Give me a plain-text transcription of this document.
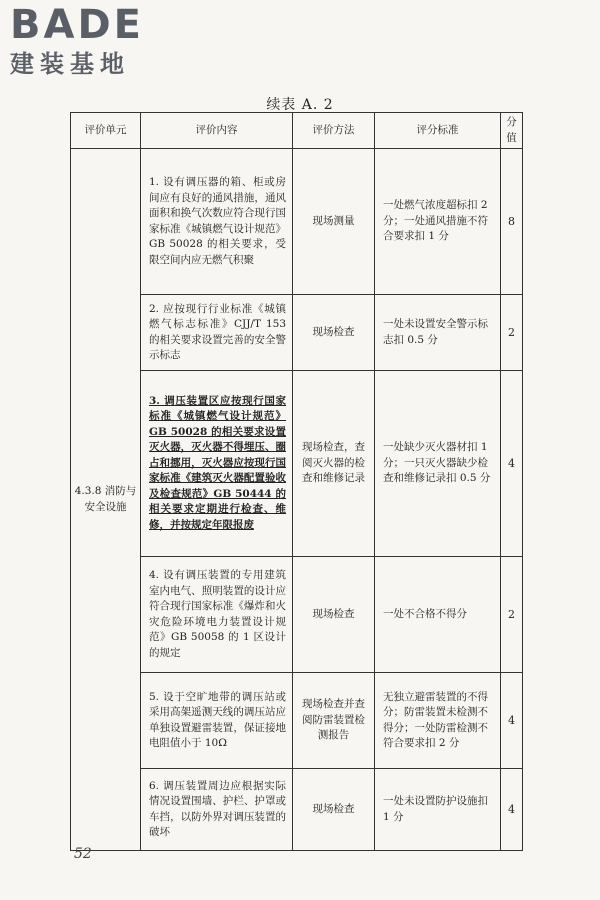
BADE
建装基地
续表 A. 2
评价单元	评价内容	评价方法	评分标准	分值
4.3.8 消防与安全设施	1. 设有调压器的箱、柜或房间应有良好的通风措施，通风面积和换气次数应符合现行国家标准《城镇燃气设计规范》GB 50028 的相关要求，受限空间内应无燃气积聚	现场测量	一处燃气浓度超标扣 2 分；一处通风措施不符合要求扣 1 分	8
	2. 应按现行行业标准《城镇燃气标志标准》CJJ/T 153 的相关要求设置完善的安全警示标志	现场检查	一处未设置安全警示标志扣 0.5 分	2
	3. 调压装置区应按现行国家标准《城镇燃气设计规范》GB 50028 的相关要求设置灭火器，灭火器不得埋压、圈占和挪用，灭火器应按现行国家标准《建筑灭火器配置验收及检查规范》GB 50444 的相关要求定期进行检查、维修，并按规定年限报废	现场检查，查阅灭火器的检查和维修记录	一处缺少灭火器材扣 1 分；一只灭火器缺少检查和维修记录扣 0.5 分	4
	4. 设有调压装置的专用建筑室内电气、照明装置的设计应符合现行国家标准《爆炸和火灾危险环境电力装置设计规范》GB 50058 的 1 区设计的规定	现场检查	一处不合格不得分	2
	5. 设于空旷地带的调压站或采用高架遥测天线的调压站应单独设置避雷装置，保证接地电阻值小于 10Ω	现场检查并查阅防雷装置检测报告	无独立避雷装置的不得分；防雷装置未检测不得分；一处防雷检测不符合要求扣 2 分	4
	6. 调压装置周边应根据实际情况设置围墙、护栏、护罩或车挡，以防外界对调压装置的破坏	现场检查	一处未设置防护设施扣 1 分	4
52
